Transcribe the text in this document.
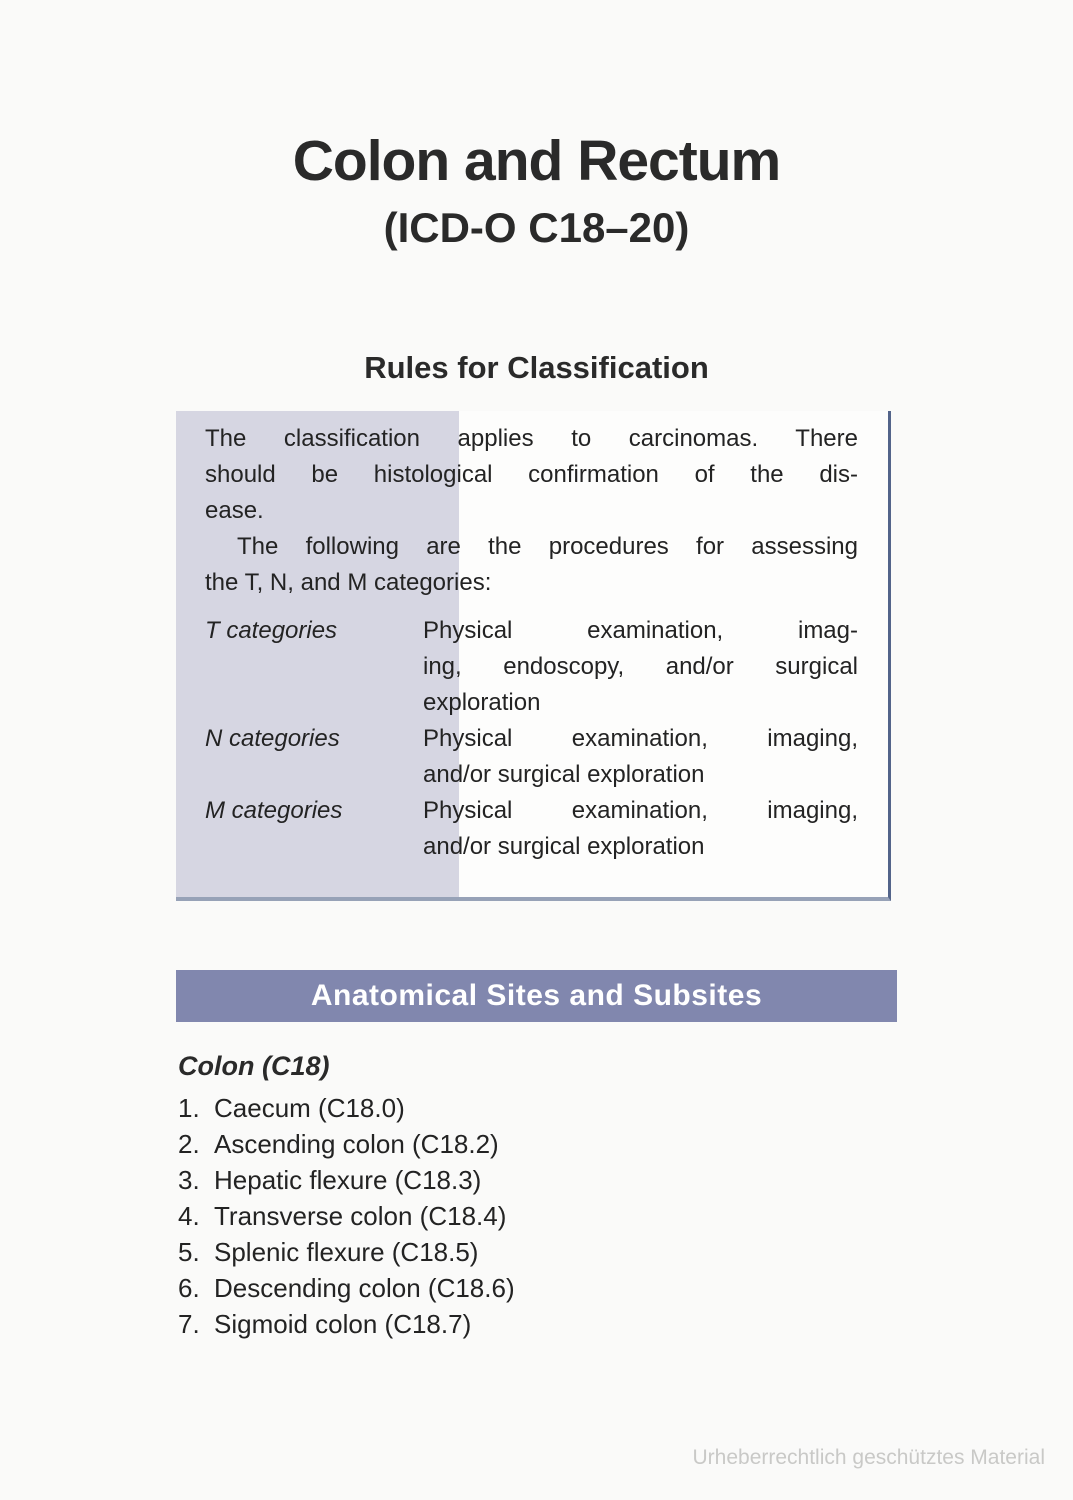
Colon and Rectum
(ICD-O C18–20)
Rules for Classification
The classification applies to carcinomas. There
should be histological confirmation of the dis-
ease.
The following are the procedures for assessing
the T, N, and M categories:
T categories	Physical examination, imag-
ing, endoscopy, and/or surgical
exploration
N categories	Physical examination, imaging,
and/or surgical exploration
M categories	Physical examination, imaging,
and/or surgical exploration
Anatomical Sites and Subsites
Colon (C18)
1. Caecum (C18.0)
2. Ascending colon (C18.2)
3. Hepatic flexure (C18.3)
4. Transverse colon (C18.4)
5. Splenic flexure (C18.5)
6. Descending colon (C18.6)
7. Sigmoid colon (C18.7)
Urheberrechtlich geschütztes Material
